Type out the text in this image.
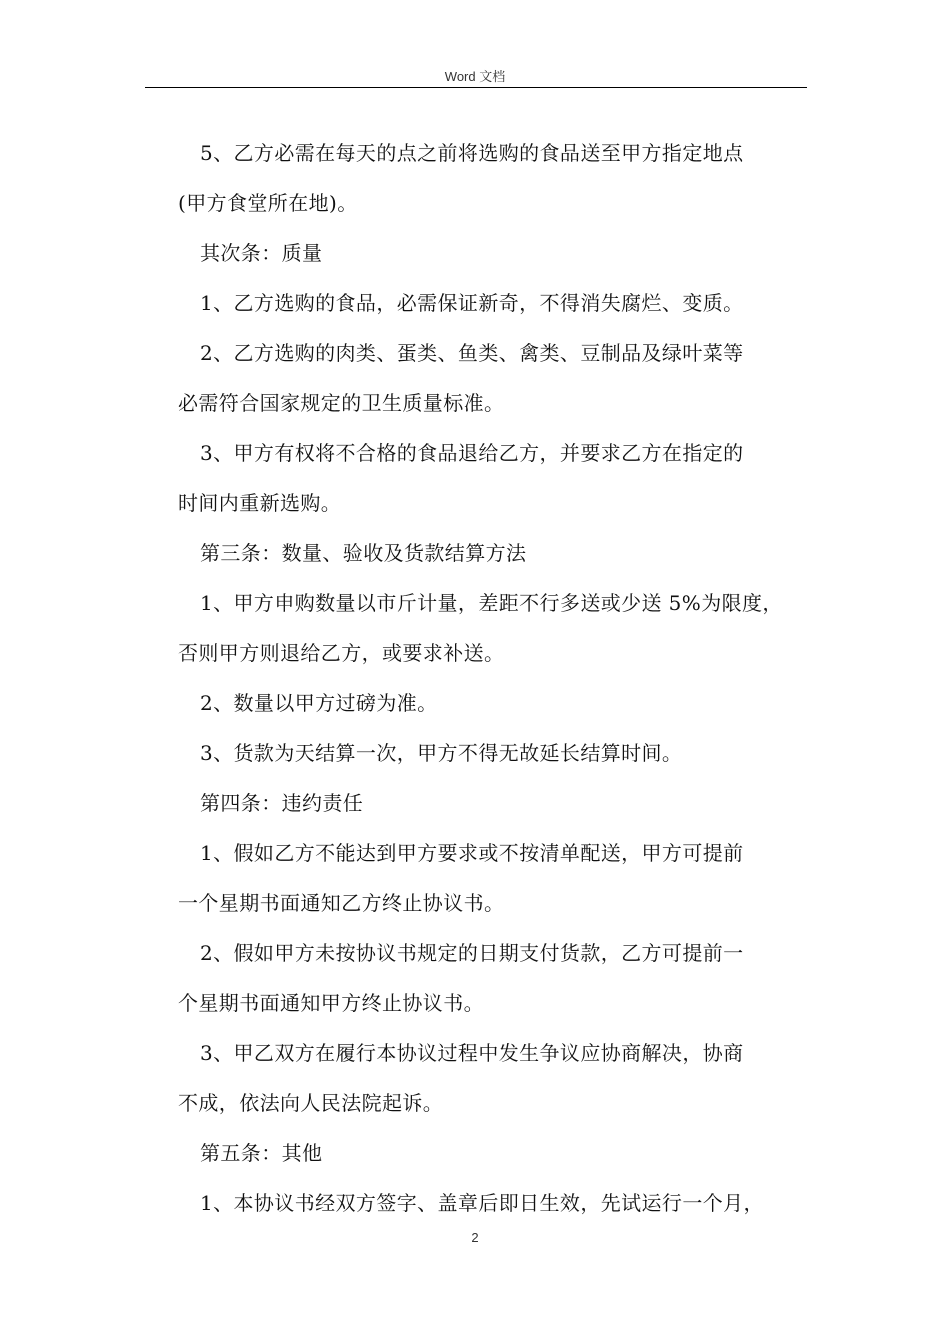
Word 文档
5、乙方必需在每天的点之前将选购的食品送至甲方指定地点
(甲方食堂所在地)。
其次条：质量
1、乙方选购的食品，必需保证新奇，不得消失腐烂、变质。
2、乙方选购的肉类、蛋类、鱼类、禽类、豆制品及绿叶菜等
必需符合国家规定的卫生质量标准。
3、甲方有权将不合格的食品退给乙方，并要求乙方在指定的
时间内重新选购。
第三条：数量、验收及货款结算方法
1、甲方申购数量以市斤计量，差距不行多送或少送 5%为限度，
否则甲方则退给乙方，或要求补送。
2、数量以甲方过磅为准。
3、货款为天结算一次，甲方不得无故延长结算时间。
第四条：违约责任
1、假如乙方不能达到甲方要求或不按清单配送，甲方可提前
一个星期书面通知乙方终止协议书。
2、假如甲方未按协议书规定的日期支付货款，乙方可提前一
个星期书面通知甲方终止协议书。
3、甲乙双方在履行本协议过程中发生争议应协商解决，协商
不成，依法向人民法院起诉。
第五条：其他
1、本协议书经双方签字、盖章后即日生效，先试运行一个月，
2
